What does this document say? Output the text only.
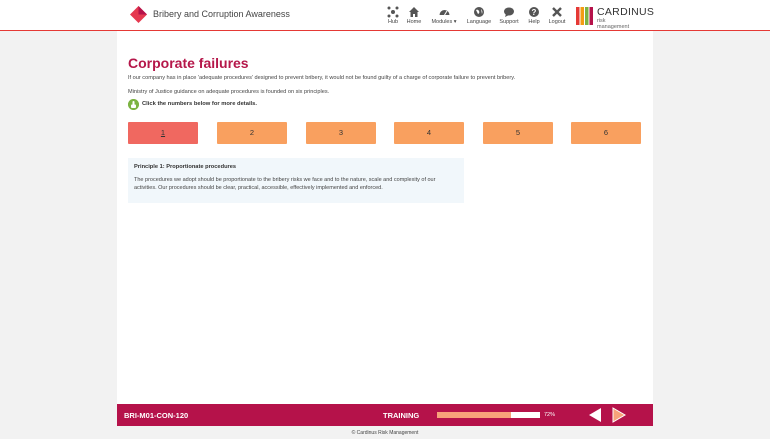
Bribery and Corruption Awareness
Hub	Home	Modules ▾	Language Support
?
Help	Logout
CARDINUS
risk management
Corporate failures
If our company has in place 'adequate procedures' designed to prevent bribery, it would not be found guilty of a charge of corporate failure to prevent bribery.
Ministry of Justice guidance on adequate procedures is founded on six principles.
Click the numbers below for more details.
1	2	3	4	5	6
Principle 1: Proportionate procedures
The procedures we adopt should be proportionate to the bribery risks we face and to the nature, scale and complexity of our activities. Our procedures should be clear, practical, accessible, effectively implemented and enforced.
BRI-M01-CON-120	TRAINING	72%
© Cardinus Risk Management
